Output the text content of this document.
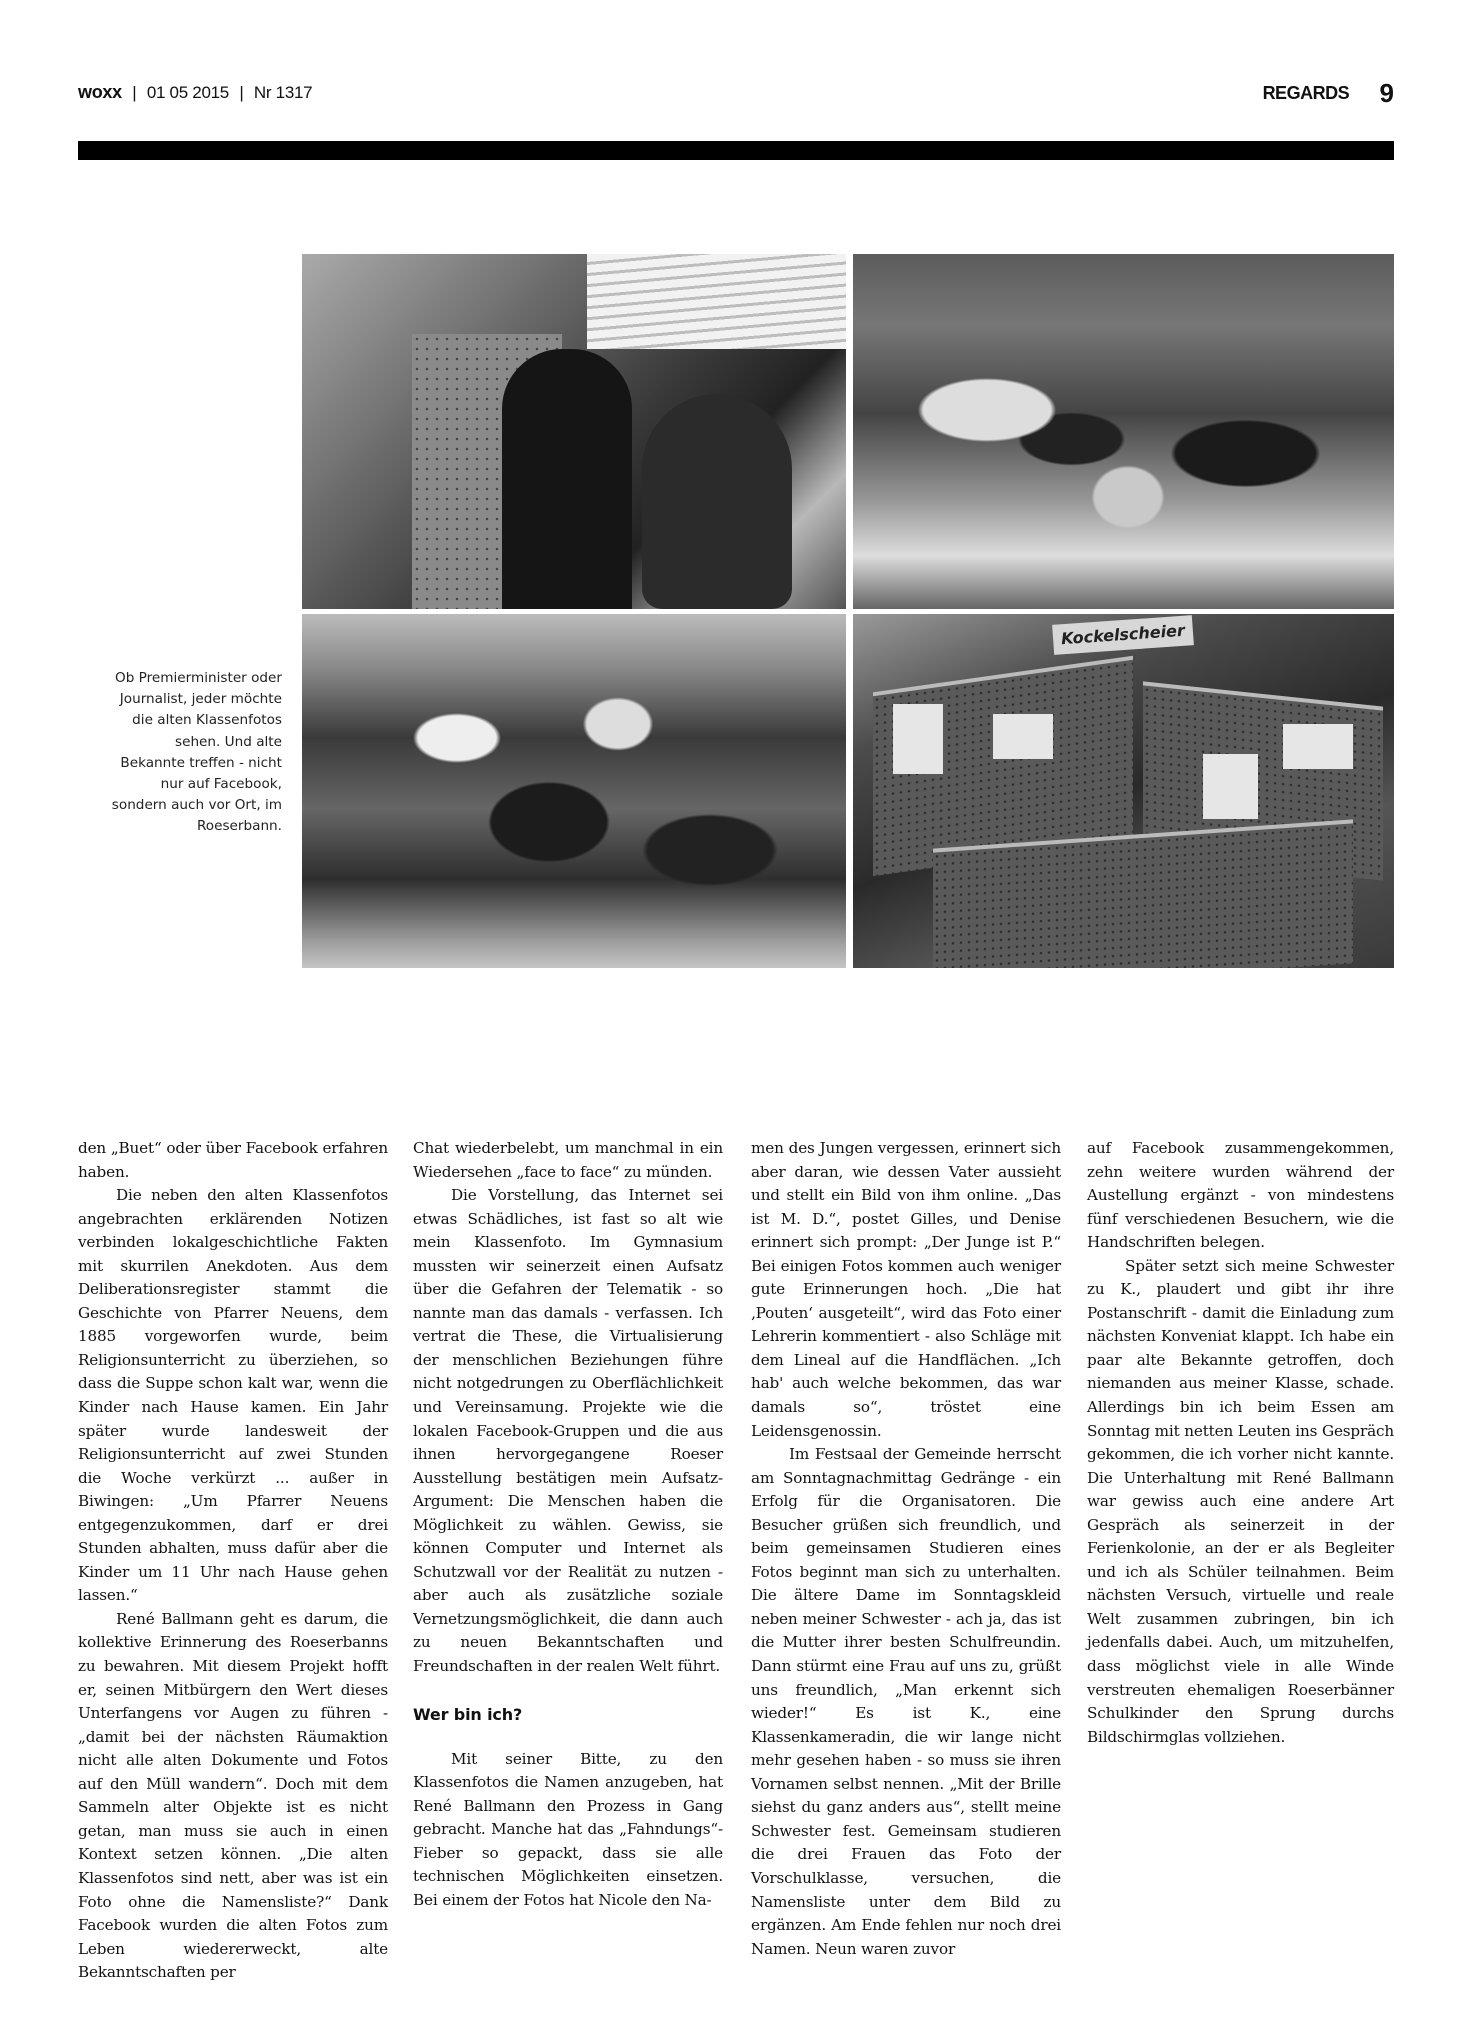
woxx | 01 05 2015 | Nr 1317	REGARDS 9
Kockelscheier
Ob Premierminister oder Journalist, jeder möchte die alten Klassenfotos sehen. Und alte Bekannte treffen - nicht nur auf Facebook, sondern auch vor Ort, im Roeserbann.

den „Buet“ oder über Facebook erfahren haben.

Die neben den alten Klassenfotos angebrachten erklärenden Notizen verbinden lokalgeschichtliche Fakten mit skurrilen Anekdoten. Aus dem Deliberationsregister stammt die Geschichte von Pfarrer Neuens, dem 1885 vorgeworfen wurde, beim Religionsunterricht zu überziehen, so dass die Suppe schon kalt war, wenn die Kinder nach Hause kamen. Ein Jahr später wurde landesweit der Religionsunterricht auf zwei Stunden die Woche verkürzt ... außer in Biwingen: „Um Pfarrer Neuens entgegenzukommen, darf er drei Stunden abhalten, muss dafür aber die Kinder um 11 Uhr nach Hause gehen lassen.“

René Ballmann geht es darum, die kollektive Erinnerung des Roeserbanns zu bewahren. Mit diesem Projekt hofft er, seinen Mitbürgern den Wert dieses Unterfangens vor Augen zu führen - „damit bei der nächsten Räumaktion nicht alle alten Dokumente und Fotos auf den Müll wandern“. Doch mit dem Sammeln alter Objekte ist es nicht getan, man muss sie auch in einen Kontext setzen können. „Die alten Klassenfotos sind nett, aber was ist ein Foto ohne die Namensliste?“ Dank Facebook wurden die alten Fotos zum Leben wiedererweckt, alte Bekanntschaften per

Chat wiederbelebt, um manchmal in ein Wiedersehen „face to face“ zu münden.

Die Vorstellung, das Internet sei etwas Schädliches, ist fast so alt wie mein Klassenfoto. Im Gymnasium mussten wir seinerzeit einen Aufsatz über die Gefahren der Telematik - so nannte man das damals - verfassen. Ich vertrat die These, die Virtualisierung der menschlichen Beziehungen führe nicht notgedrungen zu Oberflächlichkeit und Vereinsamung. Projekte wie die lokalen Facebook-Gruppen und die aus ihnen hervorgegangene Roeser Ausstellung bestätigen mein Aufsatz-Argument: Die Menschen haben die Möglichkeit zu wählen. Gewiss, sie können Computer und Internet als Schutzwall vor der Realität zu nutzen - aber auch als zusätzliche soziale Vernetzungsmöglichkeit, die dann auch zu neuen Bekanntschaften und Freundschaften in der realen Welt führt.

Wer bin ich?

Mit seiner Bitte, zu den Klassenfotos die Namen anzugeben, hat René Ballmann den Prozess in Gang gebracht. Manche hat das „Fahndungs“-Fieber so gepackt, dass sie alle technischen Möglichkeiten einsetzen. Bei einem der Fotos hat Nicole den Na-

men des Jungen vergessen, erinnert sich aber daran, wie dessen Vater aussieht und stellt ein Bild von ihm online. „Das ist M. D.“, postet Gilles, und Denise erinnert sich prompt: „Der Junge ist P.“ Bei einigen Fotos kommen auch weniger gute Erinnerungen hoch. „Die hat ‚Pouten‘ ausgeteilt“, wird das Foto einer Lehrerin kommentiert - also Schläge mit dem Lineal auf die Handflächen. „Ich hab' auch welche bekommen, das war damals so“, tröstet eine Leidensgenossin.

Im Festsaal der Gemeinde herrscht am Sonntagnachmittag Gedränge - ein Erfolg für die Organisatoren. Die Besucher grüßen sich freundlich, und beim gemeinsamen Studieren eines Fotos beginnt man sich zu unterhalten. Die ältere Dame im Sonntagskleid neben meiner Schwester - ach ja, das ist die Mutter ihrer besten Schulfreundin. Dann stürmt eine Frau auf uns zu, grüßt uns freundlich, „Man erkennt sich wieder!“ Es ist K., eine Klassenkameradin, die wir lange nicht mehr gesehen haben - so muss sie ihren Vornamen selbst nennen. „Mit der Brille siehst du ganz anders aus“, stellt meine Schwester fest. Gemeinsam studieren die drei Frauen das Foto der Vorschulklasse, versuchen, die Namensliste unter dem Bild zu ergänzen. Am Ende fehlen nur noch drei Namen. Neun waren zuvor

auf Facebook zusammengekommen, zehn weitere wurden während der Austellung ergänzt - von mindestens fünf verschiedenen Besuchern, wie die Handschriften belegen.

Später setzt sich meine Schwester zu K., plaudert und gibt ihr ihre Postanschrift - damit die Einladung zum nächsten Konveniat klappt. Ich habe ein paar alte Bekannte getroffen, doch niemanden aus meiner Klasse, schade. Allerdings bin ich beim Essen am Sonntag mit netten Leuten ins Gespräch gekommen, die ich vorher nicht kannte. Die Unterhaltung mit René Ballmann war gewiss auch eine andere Art Gespräch als seinerzeit in der Ferienkolonie, an der er als Begleiter und ich als Schüler teilnahmen. Beim nächsten Versuch, virtuelle und reale Welt zusammen zubringen, bin ich jedenfalls dabei. Auch, um mitzuhelfen, dass möglichst viele in alle Winde verstreuten ehemaligen Roeserbänner Schulkinder den Sprung durchs Bildschirmglas vollziehen.
